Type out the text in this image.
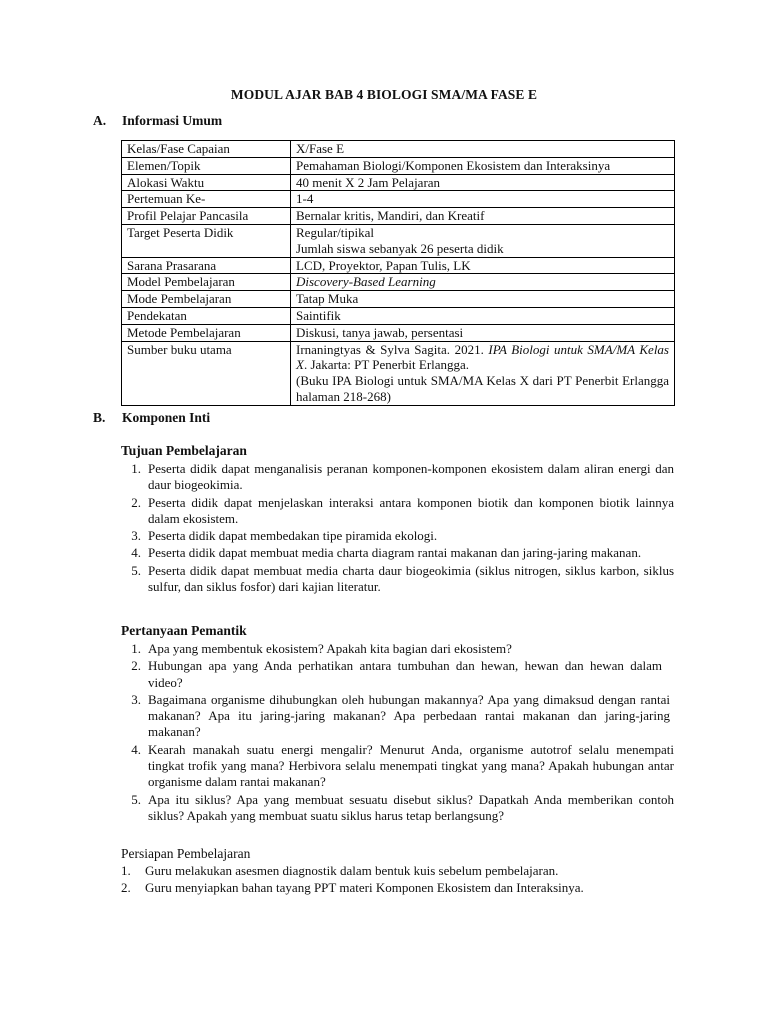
MODUL AJAR BAB 4 BIOLOGI SMA/MA FASE E
A. Informasi Umum
Kelas/Fase Capaian	X/Fase E
Elemen/Topik	Pemahaman Biologi/Komponen Ekosistem dan Interaksinya
Alokasi Waktu	40 menit X 2 Jam Pelajaran
Pertemuan Ke-	1-4
Profil Pelajar Pancasila	Bernalar kritis, Mandiri, dan Kreatif
Target Peserta Didik	Regular/tipikal
Jumlah siswa sebanyak 26 peserta didik

Sarana Prasarana	LCD, Proyektor, Papan Tulis, LK
Model Pembelajaran	Discovery-Based Learning
Mode Pembelajaran	Tatap Muka
Pendekatan	Saintifik
Metode Pembelajaran	Diskusi, tanya jawab, persentasi
Sumber buku utama	Irnaningtyas & Sylva Sagita. 2021. IPA Biologi untuk SMA/MA Kelas X. Jakarta: PT Penerbit Erlangga.
(Buku IPA Biologi untuk SMA/MA Kelas X dari PT Penerbit Erlangga halaman 218-268)
B. Komponen Inti
Tujuan Pembelajaran
1. Peserta didik dapat menganalisis peranan komponen-komponen ekosistem dalam aliran energi dan daur biogeokimia.
2. Peserta didik dapat menjelaskan interaksi antara komponen biotik dan komponen biotik lainnya dalam ekosistem.
3. Peserta didik dapat membedakan tipe piramida ekologi.
4. Peserta didik dapat membuat media charta diagram rantai makanan dan jaring-jaring makanan.
5. Peserta didik dapat membuat media charta daur biogeokimia (siklus nitrogen, siklus karbon, siklus sulfur, dan siklus fosfor) dari kajian literatur.
Pertanyaan Pemantik
1. Apa yang membentuk ekosistem? Apakah kita bagian dari ekosistem?
2. Hubungan apa yang Anda perhatikan antara tumbuhan dan hewan, hewan dan hewan dalam video?
3. Bagaimana organisme dihubungkan oleh hubungan makannya? Apa yang dimaksud dengan rantai makanan? Apa itu jaring-jaring makanan? Apa perbedaan rantai makanan dan jaring-jaring makanan?
4. Kearah manakah suatu energi mengalir? Menurut Anda, organisme autotrof selalu menempati tingkat trofik yang mana? Herbivora selalu menempati tingkat yang mana? Apakah hubungan antar organisme dalam rantai makanan?
5. Apa itu siklus? Apa yang membuat sesuatu disebut siklus? Dapatkah Anda memberikan contoh siklus? Apakah yang membuat suatu siklus harus tetap berlangsung?
Persiapan Pembelajaran
1. Guru melakukan asesmen diagnostik dalam bentuk kuis sebelum pembelajaran.
2. Guru menyiapkan bahan tayang PPT materi Komponen Ekosistem dan Interaksinya.
